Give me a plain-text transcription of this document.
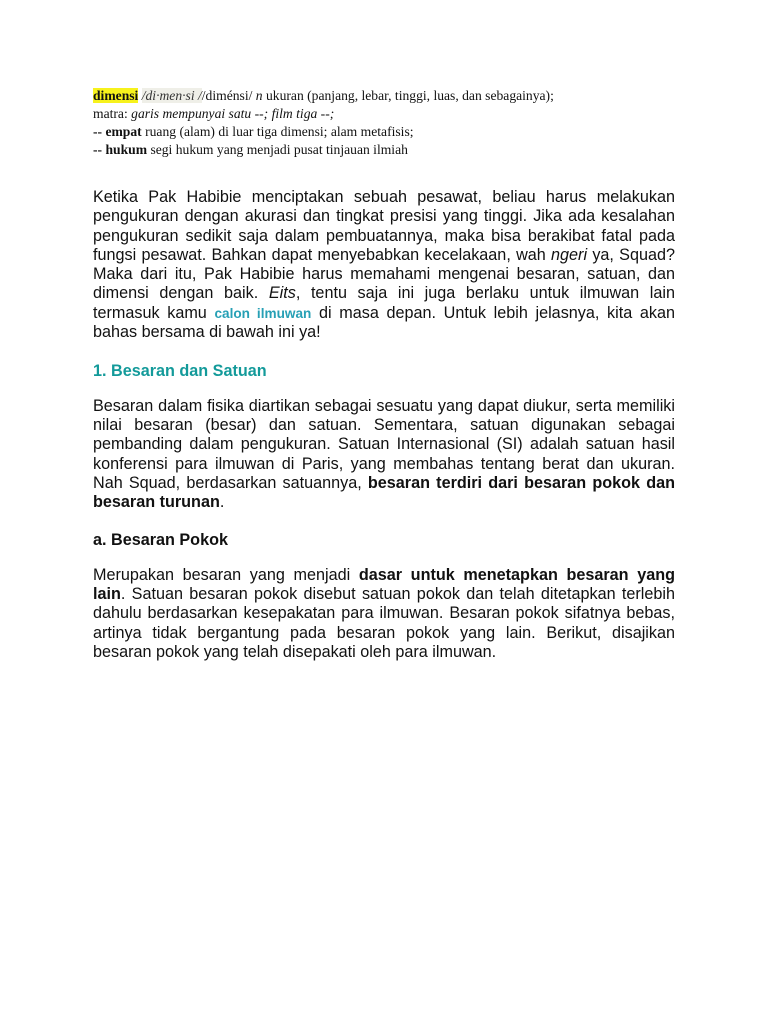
dimensi /di·men·si //diménsi/ n ukuran (panjang, lebar, tinggi, luas, dan sebagainya);
matra: garis mempunyai satu --; film tiga --;
-- empat ruang (alam) di luar tiga dimensi; alam metafisis;
-- hukum segi hukum yang menjadi pusat tinjauan ilmiah

Ketika Pak Habibie menciptakan sebuah pesawat, beliau harus melakukan pengukuran dengan akurasi dan tingkat presisi yang tinggi. Jika ada kesalahan pengukuran sedikit saja dalam pembuatannya, maka bisa berakibat fatal pada fungsi pesawat. Bahkan dapat menyebabkan kecelakaan, wah ngeri ya, Squad? Maka dari itu, Pak Habibie harus memahami mengenai besaran, satuan, dan dimensi dengan baik. Eits, tentu saja ini juga berlaku untuk ilmuwan lain termasuk kamu calon ilmuwan di masa depan. Untuk lebih jelasnya, kita akan bahas bersama di bawah ini ya!

1. Besaran dan Satuan

Besaran dalam fisika diartikan sebagai sesuatu yang dapat diukur, serta memiliki nilai besaran (besar) dan satuan. Sementara, satuan digunakan sebagai pembanding dalam pengukuran. Satuan Internasional (SI) adalah satuan hasil konferensi para ilmuwan di Paris, yang membahas tentang berat dan ukuran. Nah Squad, berdasarkan satuannya, besaran terdiri dari besaran pokok dan besaran turunan.

a. Besaran Pokok

Merupakan besaran yang menjadi dasar untuk menetapkan besaran yang lain. Satuan besaran pokok disebut satuan pokok dan telah ditetapkan terlebih dahulu berdasarkan kesepakatan para ilmuwan. Besaran pokok sifatnya bebas, artinya tidak bergantung pada besaran pokok yang lain. Berikut, disajikan besaran pokok yang telah disepakati oleh para ilmuwan.
